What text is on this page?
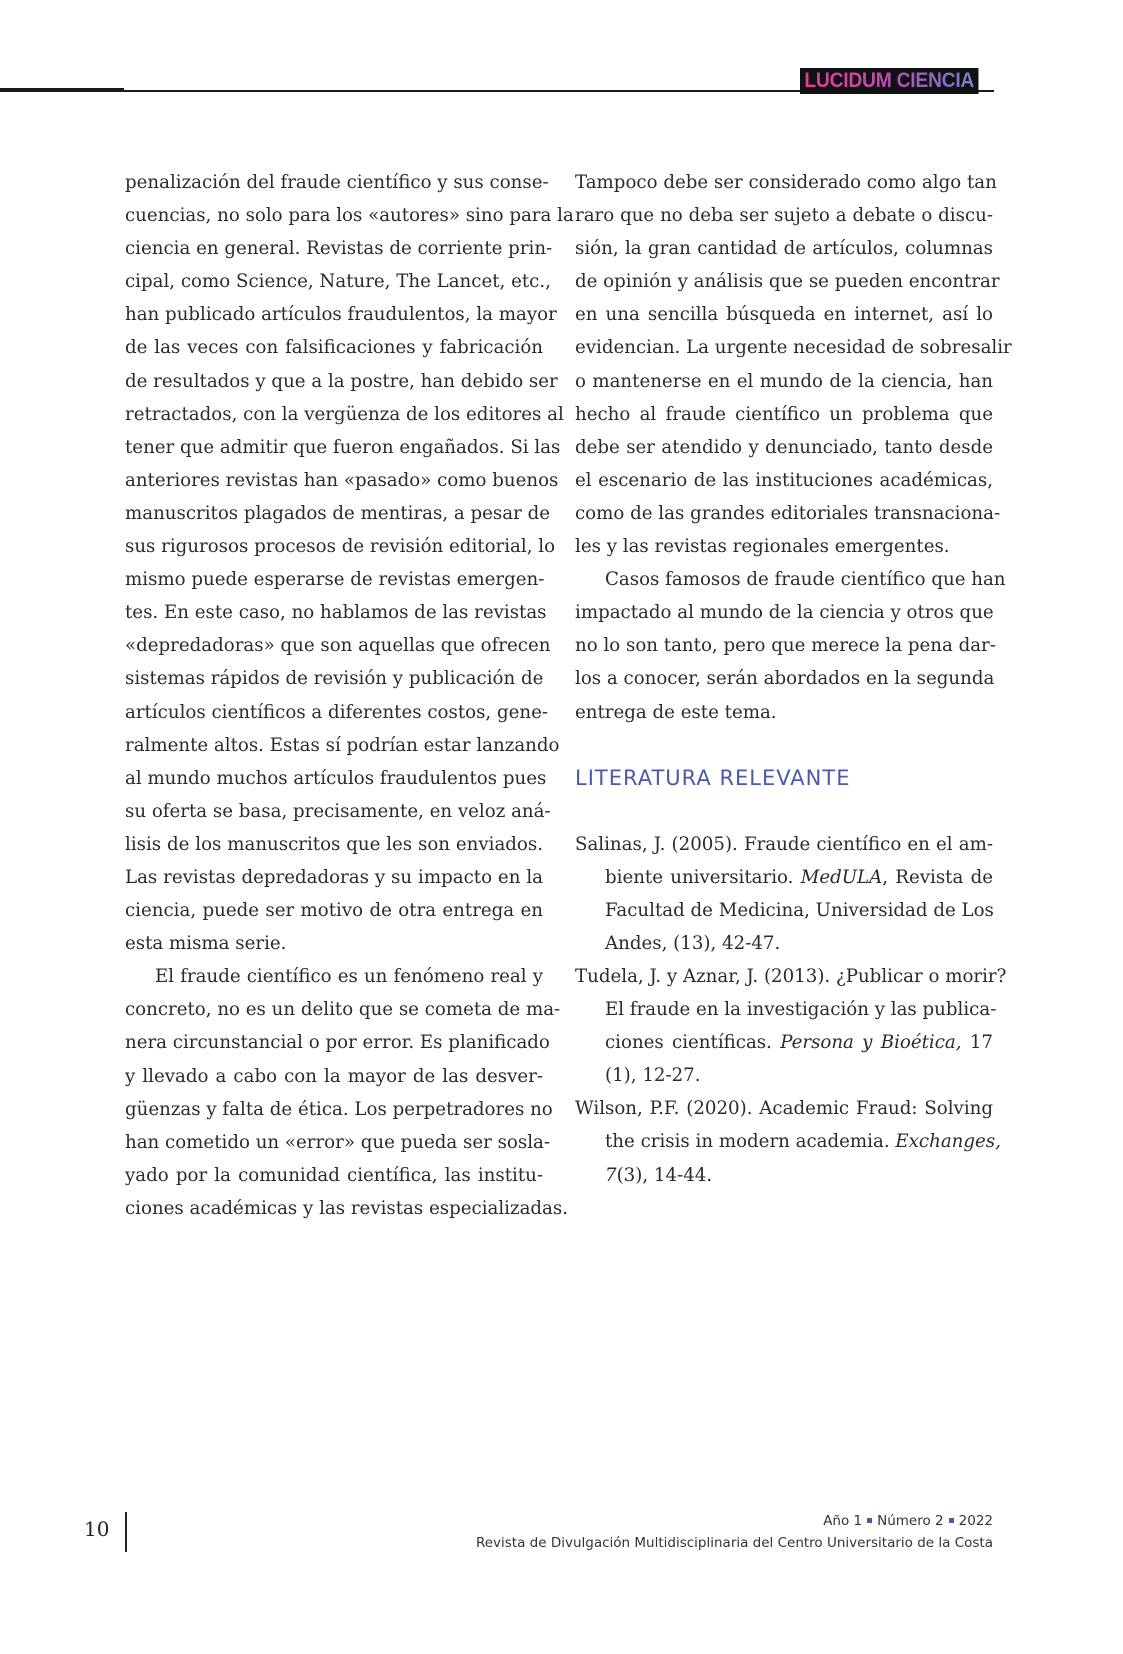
LUCIDUM CIENCIA

penalización del fraude científico y sus conse-
cuencias, no solo para los «autores» sino para la
ciencia en general. Revistas de corriente prin-
cipal, como Science, Nature, The Lancet, etc.,
han publicado artículos fraudulentos, la mayor
de las veces con falsificaciones y fabricación
de resultados y que a la postre, han debido ser
retractados, con la vergüenza de los editores al
tener que admitir que fueron engañados. Si las
anteriores revistas han «pasado» como buenos
manuscritos plagados de mentiras, a pesar de
sus rigurosos procesos de revisión editorial, lo
mismo puede esperarse de revistas emergen-
tes. En este caso, no hablamos de las revistas
«depredadoras» que son aquellas que ofrecen
sistemas rápidos de revisión y publicación de
artículos científicos a diferentes costos, gene-
ralmente altos. Estas sí podrían estar lanzando
al mundo muchos artículos fraudulentos pues
su oferta se basa, precisamente, en veloz aná-
lisis de los manuscritos que les son enviados.
Las revistas depredadoras y su impacto en la
ciencia, puede ser motivo de otra entrega en
esta misma serie.

El fraude científico es un fenómeno real y
concreto, no es un delito que se cometa de ma-
nera circunstancial o por error. Es planificado
y llevado a cabo con la mayor de las desver-
güenzas y falta de ética. Los perpetradores no
han cometido un «error» que pueda ser sosla-
yado por la comunidad científica, las institu-
ciones académicas y las revistas especializadas.

Tampoco debe ser considerado como algo tan
raro que no deba ser sujeto a debate o discu-
sión, la gran cantidad de artículos, columnas
de opinión y análisis que se pueden encontrar
en una sencilla búsqueda en internet, así lo
evidencian. La urgente necesidad de sobresalir
o mantenerse en el mundo de la ciencia, han
hecho al fraude científico un problema que
debe ser atendido y denunciado, tanto desde
el escenario de las instituciones académicas,
como de las grandes editoriales transnaciona-
les y las revistas regionales emergentes.

Casos famosos de fraude científico que han
impactado al mundo de la ciencia y otros que
no lo son tanto, pero que merece la pena dar-
los a conocer, serán abordados en la segunda
entrega de este tema.

LITERATURA RELEVANTE
Salinas, J. (2005). Fraude científico en el am-
biente universitario. MedULA, Revista de
Facultad de Medicina, Universidad de Los
Andes, (13), 42-47.
Tudela, J. y Aznar, J. (2013). ¿Publicar o morir?
El fraude en la investigación y las publica-
ciones científicas. Persona y Bioética, 17
(1), 12-27.
Wilson, P.F. (2020). Academic Fraud: Solving
the crisis in modern academia. Exchanges,
7(3), 14-44.
10	Año 1 Número 2 2022
Revista de Divulgación Multidisciplinaria del Centro Universitario de la Costa
